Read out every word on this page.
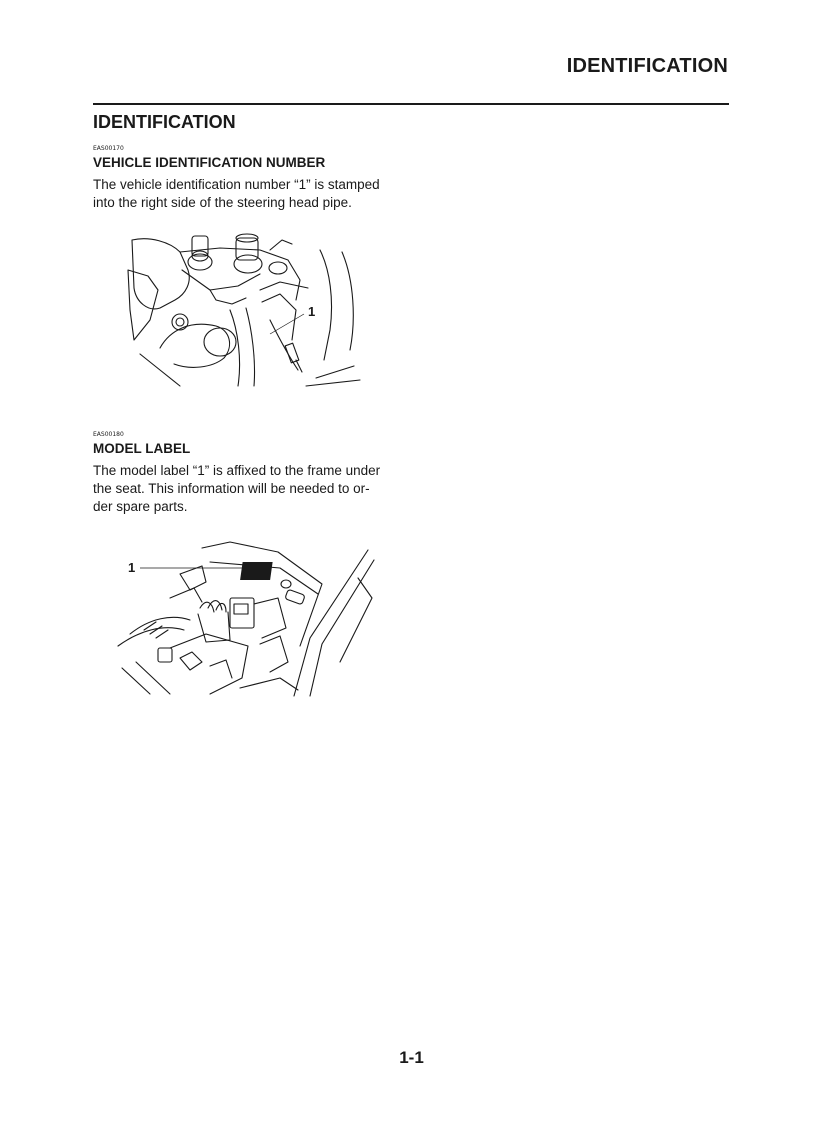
IDENTIFICATION
IDENTIFICATION
EAS00170
VEHICLE IDENTIFICATION NUMBER
The vehicle identification number “1” is stamped
into the right side of the steering head pipe.
1
EAS00180
MODEL LABEL
The model label “1” is affixed to the frame under
the seat. This information will be needed to or-
der spare parts.
1
1-1
